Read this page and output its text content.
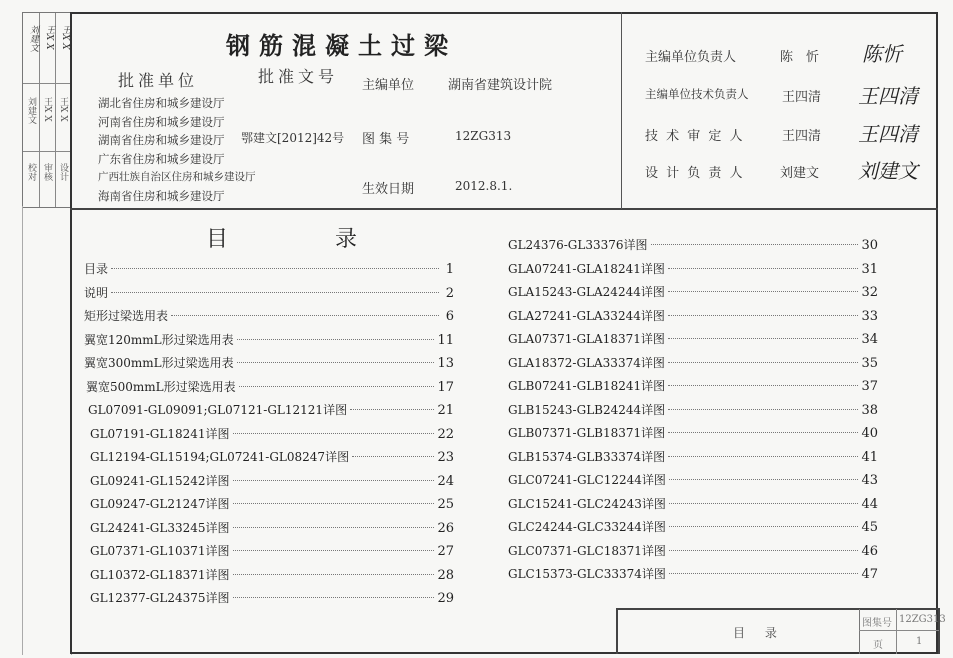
刘建文 王X X 王X X
刘建文 王X X 王X X
校对 审核 设计
钢筋混凝土过梁
批准单位	批准文号
湖北省住房和城乡建设厅
河南省住房和城乡建设厅
湖南省住房和城乡建设厅
广东省住房和城乡建设厅
广西壮族自治区住房和城乡建设厅
海南省住房和城乡建设厅
鄂建文[2012]42号
主编单位	湖南省建筑设计院
图 集 号	12ZG313
生效日期	2012.8.1.
主编单位负责人	陈　忻 陈忻
主编单位技术负责人	王四清 王四清
技 术 审 定 人	王四清 王四清
设 计 负 责 人	刘建文 刘建文
目 录
目录	1
说明	2
矩形过梁选用表	6
翼宽120mmL形过梁选用表	11
翼宽300mmL形过梁选用表	13
翼宽500mmL形过梁选用表	17
GL07091-GL09091;GL07121-GL12121详图	21
GL07191-GL18241详图	22
GL12194-GL15194;GL07241-GL08247详图	23
GL09241-GL15242详图	24
GL09247-GL21247详图	25
GL24241-GL33245详图	26
GL07371-GL10371详图	27
GL10372-GL18371详图	28
GL12377-GL24375详图	29
GL24376-GL33376详图	30
GLA07241-GLA18241详图	31
GLA15243-GLA24244详图	32
GLA27241-GLA33244详图	33
GLA07371-GLA18371详图	34
GLA18372-GLA33374详图	35
GLB07241-GLB18241详图	37
GLB15243-GLB24244详图	38
GLB07371-GLB18371详图	40
GLB15374-GLB33374详图	41
GLC07241-GLC12244详图	43
GLC15241-GLC24243详图	44
GLC24244-GLC33244详图	45
GLC07371-GLC18371详图	46
GLC15373-GLC33374详图	47
目 录
图集号 12ZG313
页	1
